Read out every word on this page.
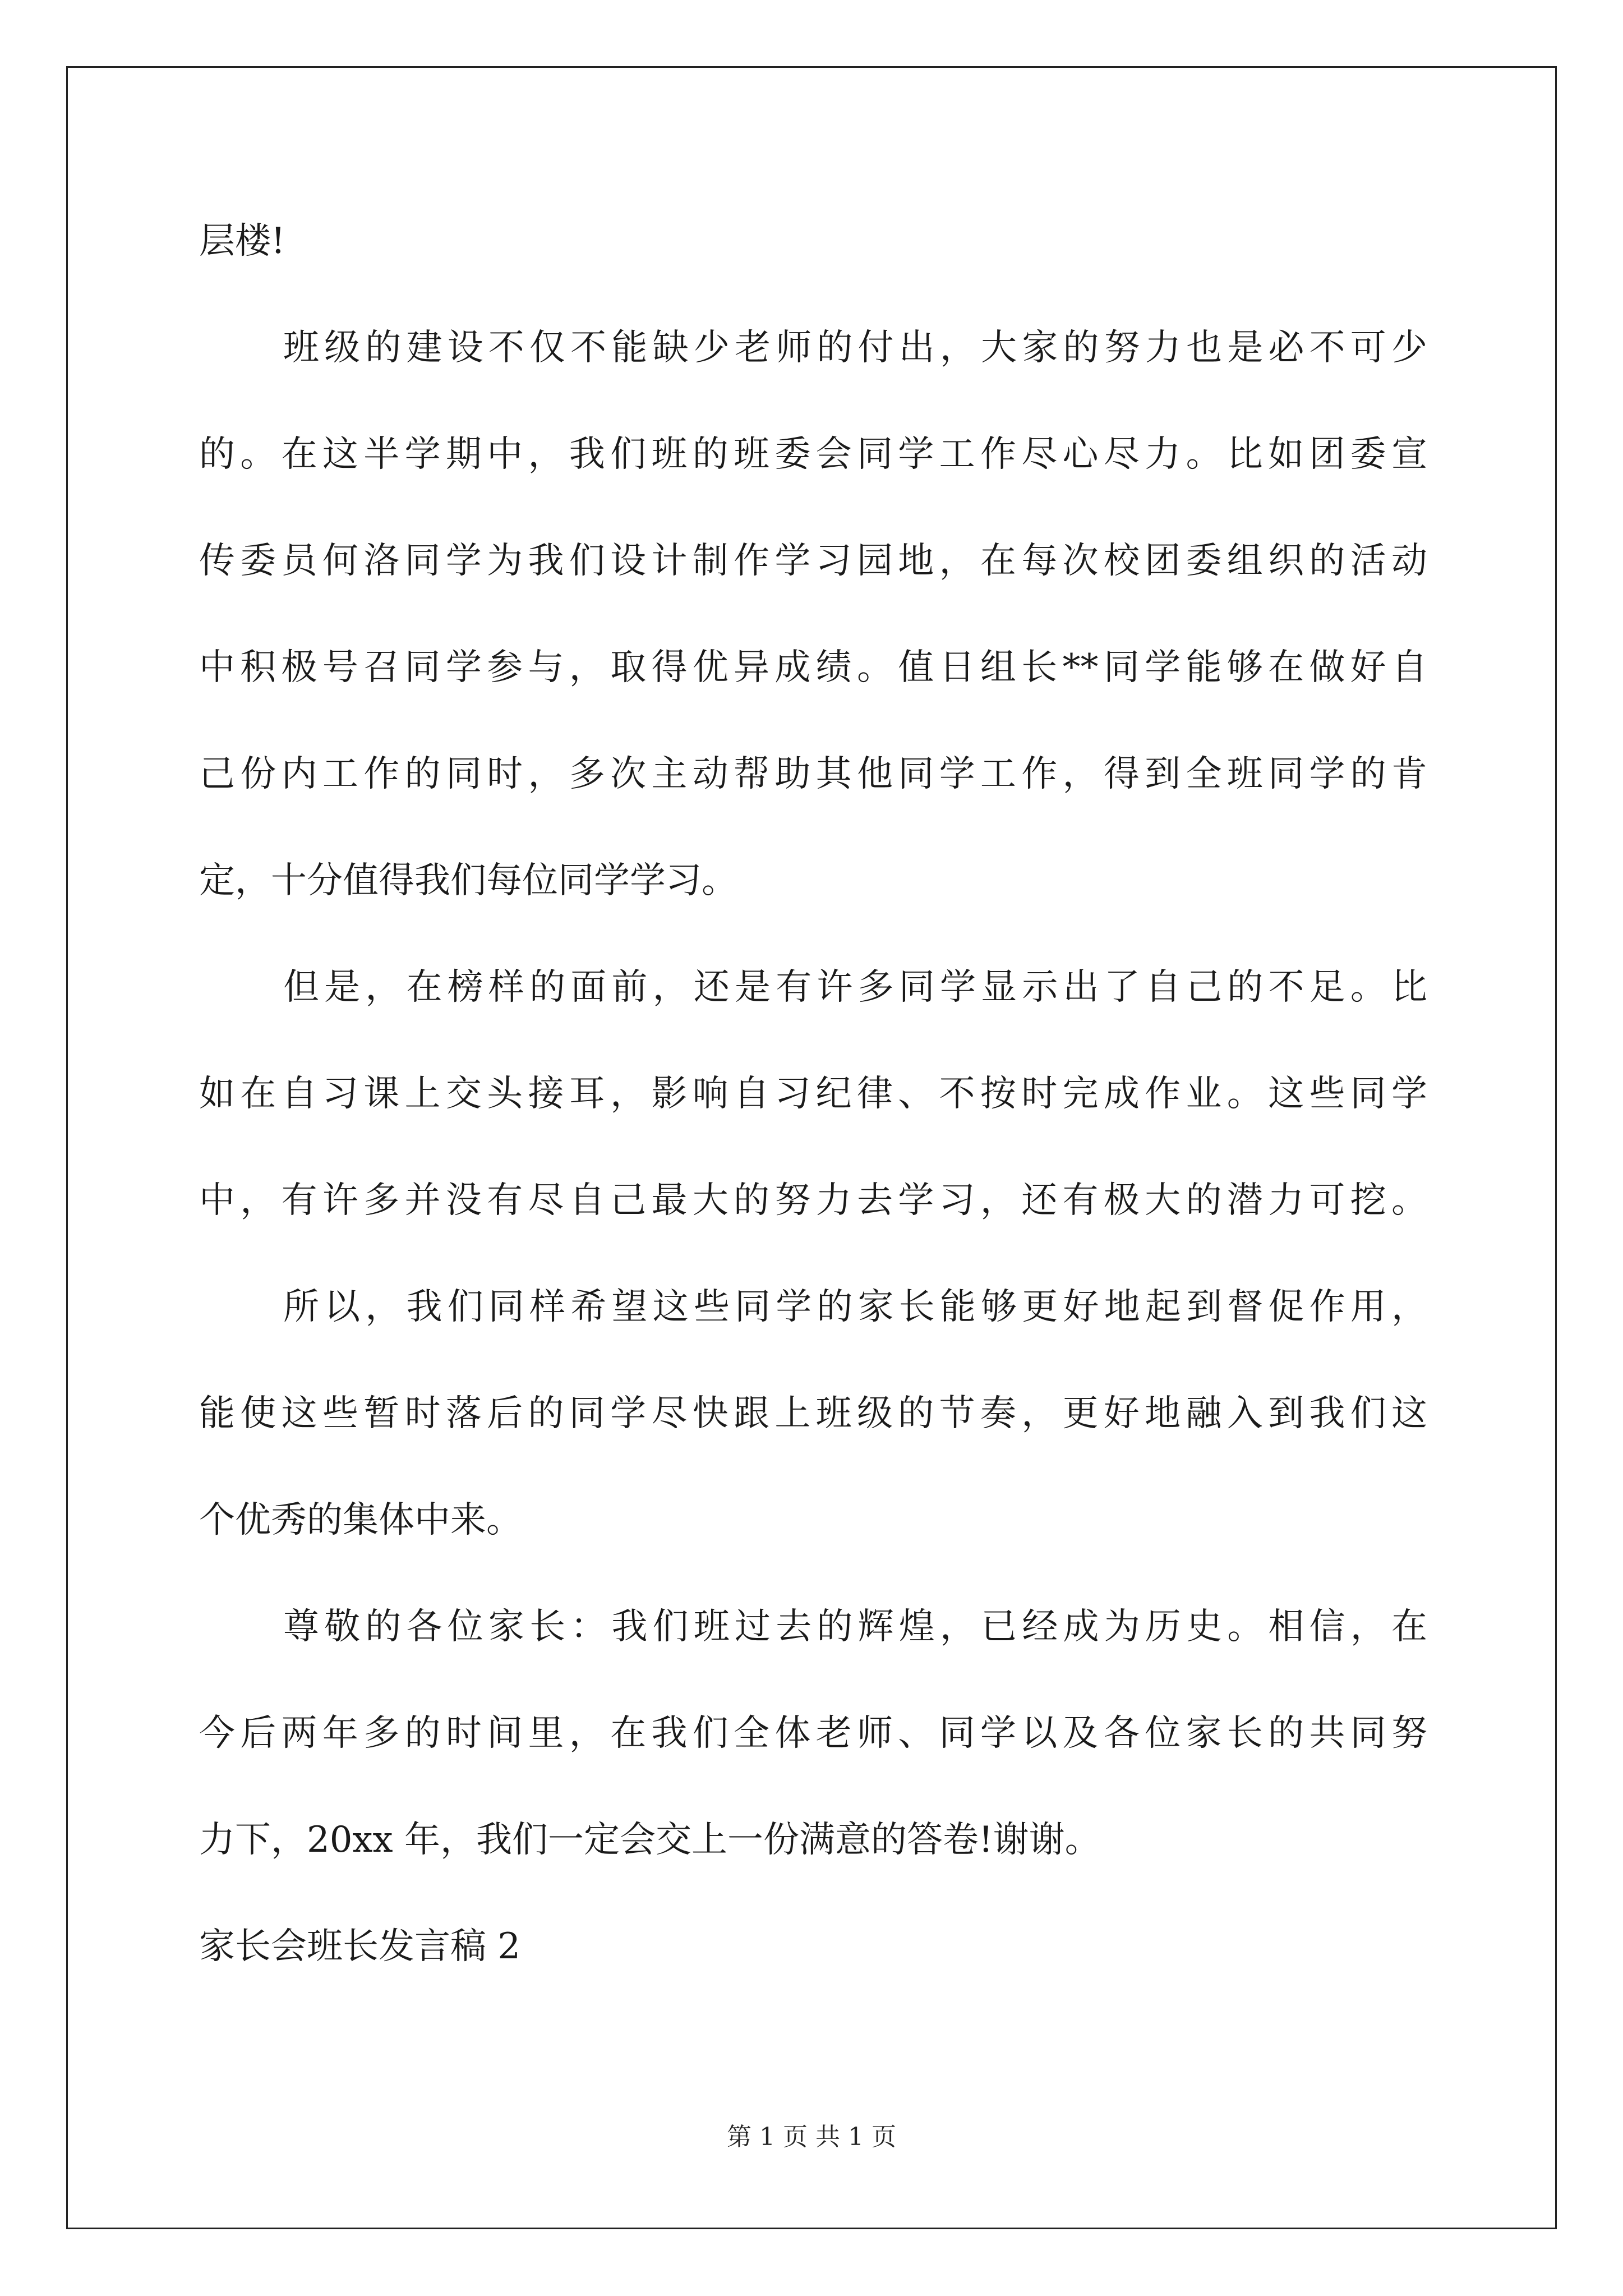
层楼!
班级的建设不仅不能缺少老师的付出，大家的努力也是必不可少
的。在这半学期中，我们班的班委会同学工作尽心尽力。比如团委宣
传委员何洛同学为我们设计制作学习园地，在每次校团委组织的活动
中积极号召同学参与，取得优异成绩。值日组长**同学能够在做好自
己份内工作的同时，多次主动帮助其他同学工作，得到全班同学的肯
定，十分值得我们每位同学学习。
但是，在榜样的面前，还是有许多同学显示出了自己的不足。比
如在自习课上交头接耳，影响自习纪律、不按时完成作业。这些同学
中，有许多并没有尽自己最大的努力去学习，还有极大的潜力可挖。
所以，我们同样希望这些同学的家长能够更好地起到督促作用，
能使这些暂时落后的同学尽快跟上班级的节奏，更好地融入到我们这
个优秀的集体中来。
尊敬的各位家长：我们班过去的辉煌，已经成为历史。相信，在
今后两年多的时间里，在我们全体老师、同学以及各位家长的共同努
力下，20xx 年，我们一定会交上一份满意的答卷!谢谢。
家长会班长发言稿 2
第 1 页 共 1 页
